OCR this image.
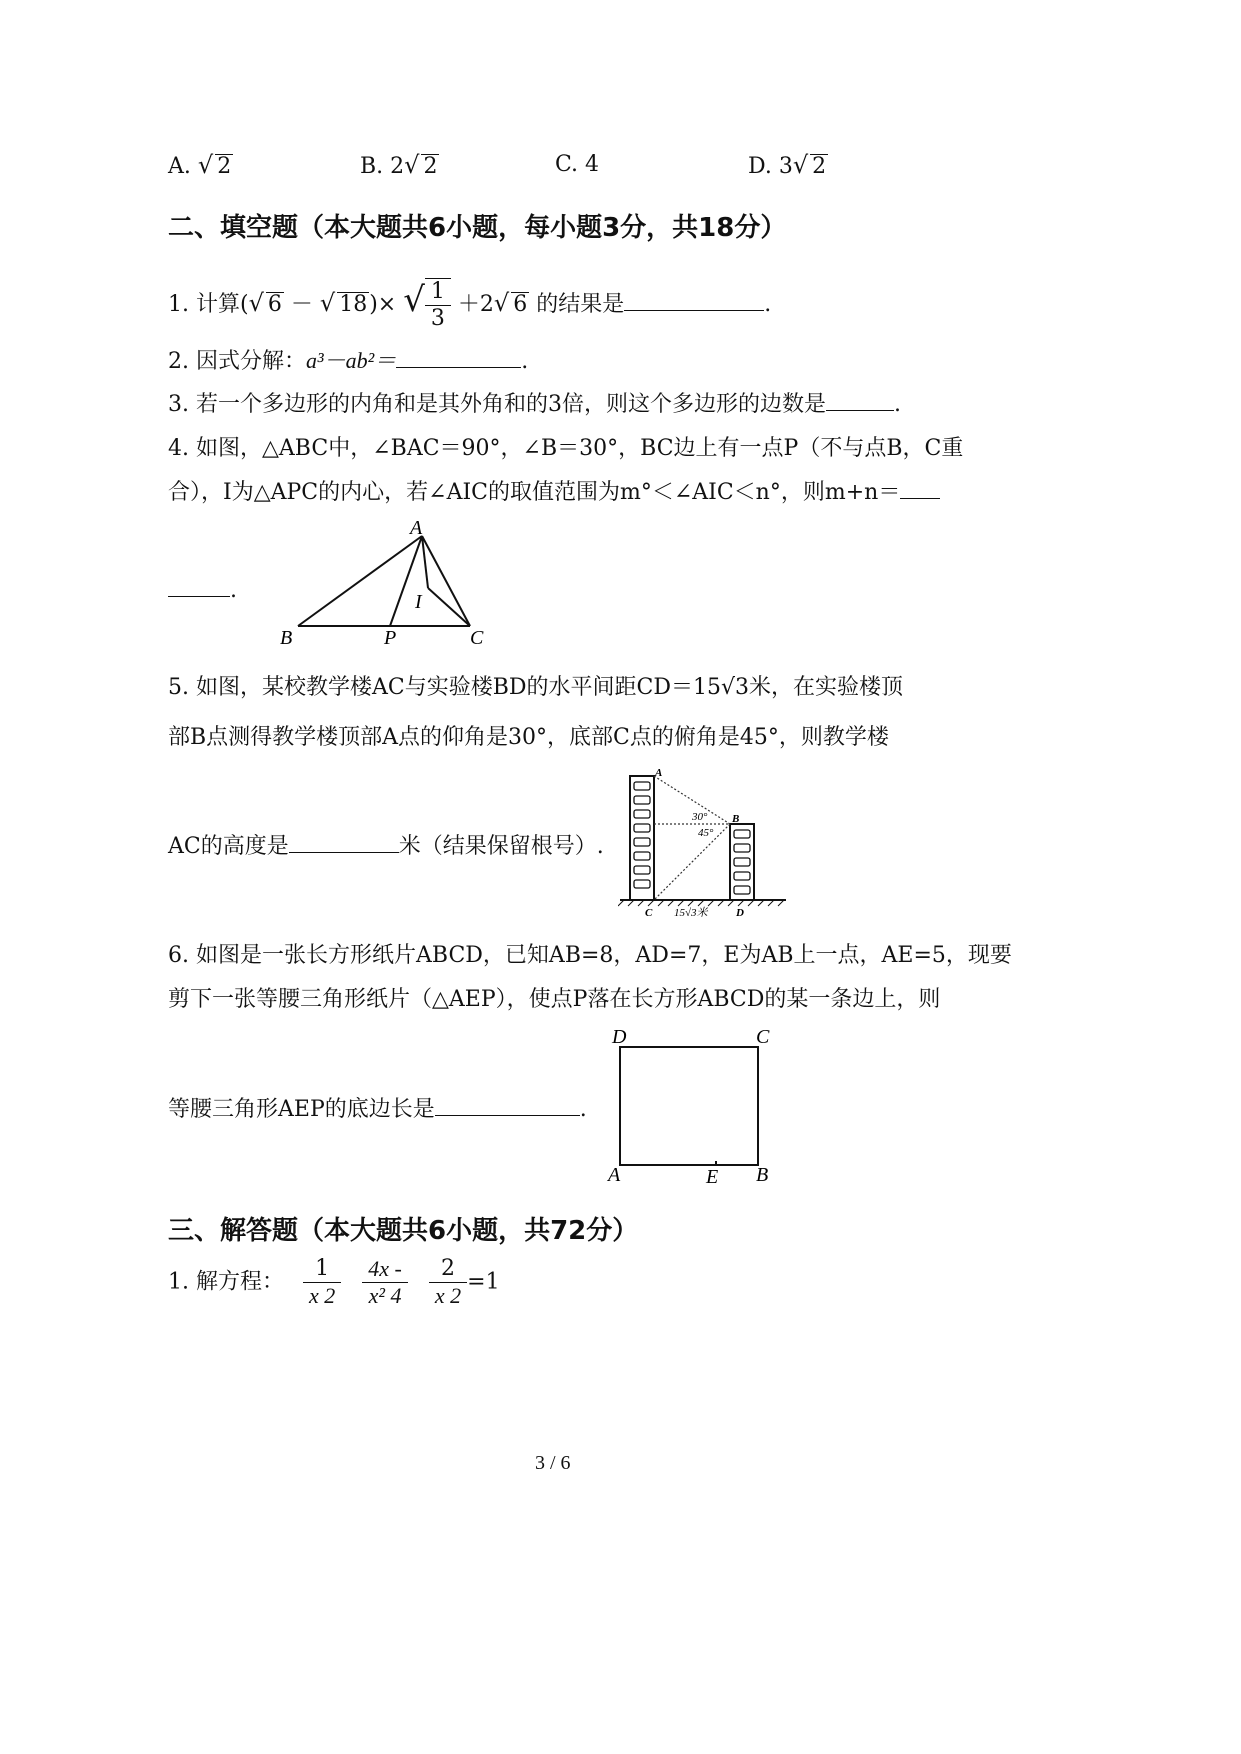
A. √ 2	B. 2√ 2	C. 4	D. 3√ 2
二、填空题（本大题共6小题，每小题3分，共18分）
1. 计算(√ 6 － √ 18)× √ $\frac{1}{3} +2√$ 6 的结果是	.
2. 因式分解：a³－ab²＝	.
3. 若一个多边形的内角和是其外角和的3倍，则这个多边形的边数是	.
4. 如图，△ABC中，∠BAC＝90°，∠B＝30°，BC边上有一点P（不与点B，C重
合），I为△APC的内心，若∠AIC的取值范围为m°＜∠AIC＜n°，则m+n＝
.
A
B	P	C
I
5. 如图，某校教学楼AC与实验楼BD的水平间距CD＝15√3米，在实验楼顶
部B点测得教学楼顶部A点的仰角是30°，底部C点的俯角是45°，则教学楼
AC的高度是	米（结果保留根号）.
A
B
30°
45°
C	D
15√3米
6. 如图是一张长方形纸片ABCD，已知AB=8，AD=7，E为AB上一点，AE=5，现要
剪下一张等腰三角形纸片（△AEP），使点P落在长方形ABCD的某一条边上，则
等腰三角形AEP的底边长是	.
D	C
A	E B
三、解答题（本大题共6小题，共72分）
1. 解方程： $\frac{1}{x 2}$
$\frac{4x -}{\text{x² 4}}$
$\frac{2}{x 2} =1$
3 / 6
